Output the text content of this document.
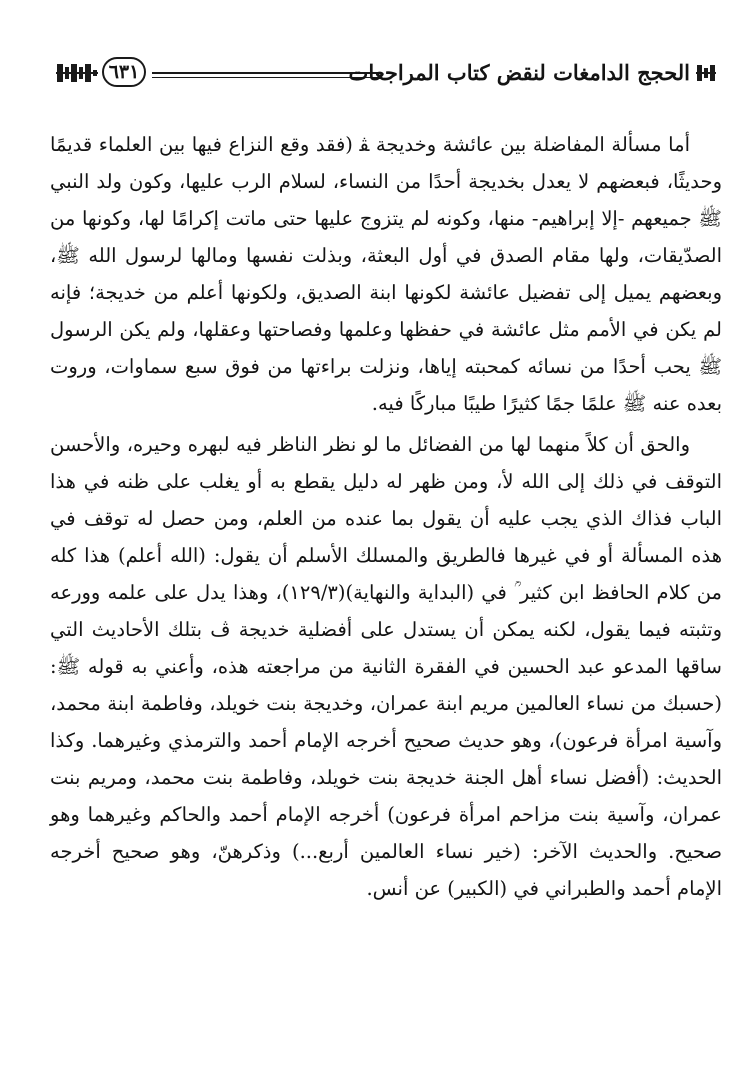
٦٣١	الحجج الدامغات لنقض كتاب المراجعات

أما مسألة المفاضلة بين عائشة وخديجة ﭭ (فقد وقع النزاع فيها بين العلماء قديمًا وحديثًا، فبعضهم لا يعدل بخديجة أحدًا من النساء، لسلام الرب عليها، وكون ولد النبي ﷺ جميعهم -إلا إبراهيم- منها، وكونه لم يتزوج عليها حتى ماتت إكرامًا لها، وكونها من الصدّيقات، ولها مقام الصدق في أول البعثة، وبذلت نفسها ومالها لرسول الله ﷺ، وبعضهم يميل إلى تفضيل عائشة لكونها ابنة الصديق، ولكونها أعلم من خديجة؛ فإنه لم يكن في الأمم مثل عائشة في حفظها وعلمها وفصاحتها وعقلها، ولم يكن الرسول ﷺ يحب أحدًا من نسائه كمحبته إياها، ونزلت براءتها من فوق سبع سماوات، وروت بعده عنه ﷺ علمًا جمًا كثيرًا طيبًا مباركًا فيه.

والحق أن كلاً منهما لها من الفضائل ما لو نظر الناظر فيه لبهره وحيره، والأحسن التوقف في ذلك إلى الله ﻷ، ومن ظهر له دليل يقطع به أو يغلب على ظنه في هذا الباب فذاك الذي يجب عليه أن يقول بما عنده من العلم، ومن حصل له توقف في هذه المسألة أو في غيرها فالطريق والمسلك الأسلم أن يقول: (الله أعلم) هذا كله من كلام الحافظ ابن كثير ؒ في (البداية والنهاية)(١٢٩/٣)، وهذا يدل على علمه وورعه وتثبته فيما يقول، لكنه يمكن أن يستدل على أفضلية خديجة ڤ بتلك الأحاديث التي ساقها المدعو عبد الحسين في الفقرة الثانية من مراجعته هذه، وأعني به قوله ﷺ: (حسبك من نساء العالمين مريم ابنة عمران، وخديجة بنت خويلد، وفاطمة ابنة محمد، وآسية امرأة فرعون)، وهو حديث صحيح أخرجه الإمام أحمد والترمذي وغيرهما. وكذا الحديث: (أفضل نساء أهل الجنة خديجة بنت خويلد، وفاطمة بنت محمد، ومريم بنت عمران، وآسية بنت مزاحم امرأة فرعون) أخرجه الإمام أحمد والحاكم وغيرهما وهو صحيح. والحديث الآخر: (خير نساء العالمين أربع...) وذكرهنّ، وهو صحيح أخرجه الإمام أحمد والطبراني في (الكبير) عن أنس.
